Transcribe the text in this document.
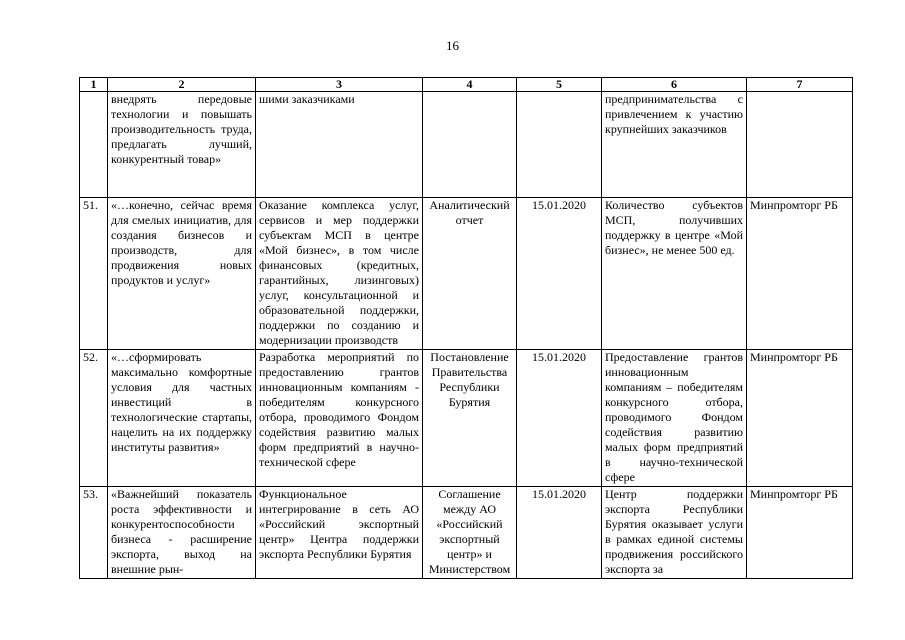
16
1	2	3	4	5	6	7
	внедрять передовые технологии и повышать производительность труда, предлагать лучший, конкурентный товар»	шими заказчиками			предпринимательства с привлечением к участию крупнейших заказчиков	
51.	«…конечно, сейчас время для смелых инициатив, для создания бизнесов и производств, для продвижения новых продуктов и услуг»	Оказание комплекса услуг, сервисов и мер поддержки субъектам МСП в центре «Мой бизнес», в том числе финансовых (кредитных, гарантийных, лизинговых) услуг, консультационной и образовательной поддержки, поддержки по созданию и модернизации производств	Аналитический отчет	15.01.2020	Количество субъектов МСП, получивших поддержку в центре «Мой бизнес», не менее 500 ед.	Минпромторг РБ
52.	«…сформировать максимально комфортные условия для частных инвестиций в технологические стартапы, нацелить на их поддержку институты развития»	Разработка мероприятий по предоставлению грантов инновационным компаниям - победителям конкурсного отбора, проводимого Фондом содействия развитию малых форм предприятий в научно-технической сфере	Постановление Правительства Республики Бурятия	15.01.2020	Предоставление грантов инновационным компаниям – победителям конкурсного отбора, проводимого Фондом содействия развитию малых форм предприятий в научно-технической сфере	Минпромторг РБ
53.	«Важнейший показатель роста эффективности и конкурентоспособности бизнеса - расширение экспорта, выход на внешние рын-	Функциональное интегрирование в сеть АО «Российский экспортный центр» Центра поддержки экспорта Республики Бурятия	Соглашение между АО «Российский экспортный центр» и Министерством	15.01.2020	Центр поддержки экспорта Республики Бурятия оказывает услуги в рамках единой системы продвижения российского экспорта за	Минпромторг РБ
